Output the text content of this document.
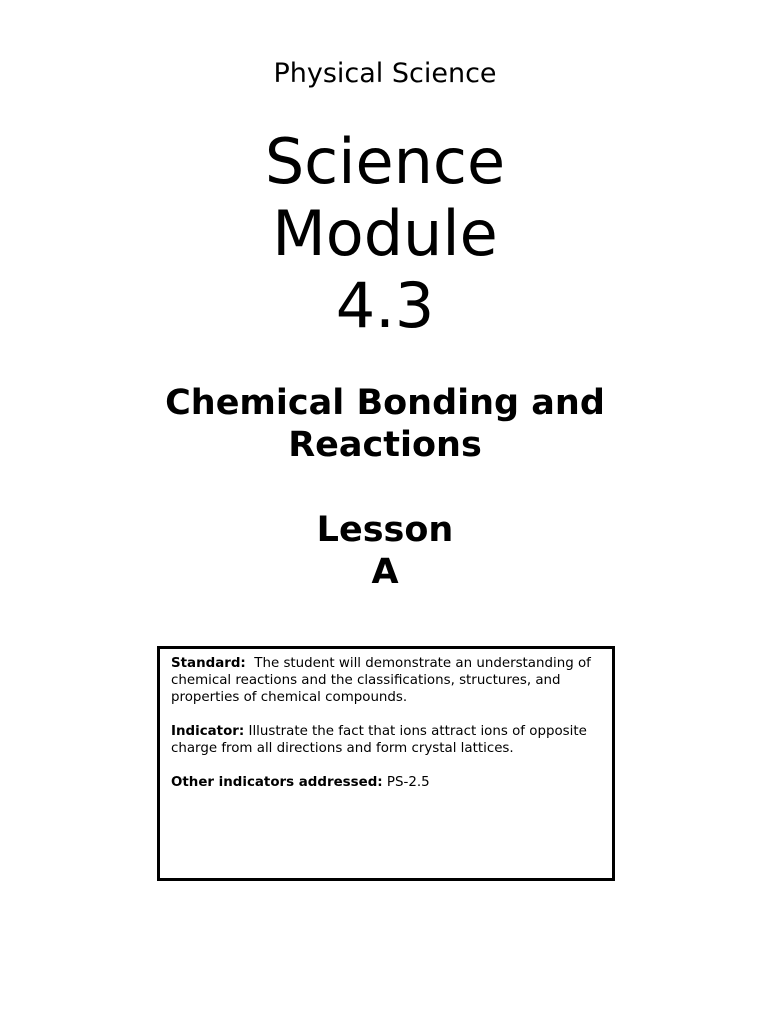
Physical Science
Science
Module
4.3
Chemical Bonding and
Reactions
Lesson
A

Standard: The student will demonstrate an understanding of chemical reactions and the classifications, structures, and properties of chemical compounds.

Indicator: Illustrate the fact that ions attract ions of opposite charge from all directions and form crystal lattices.

Other indicators addressed: PS-2.5
